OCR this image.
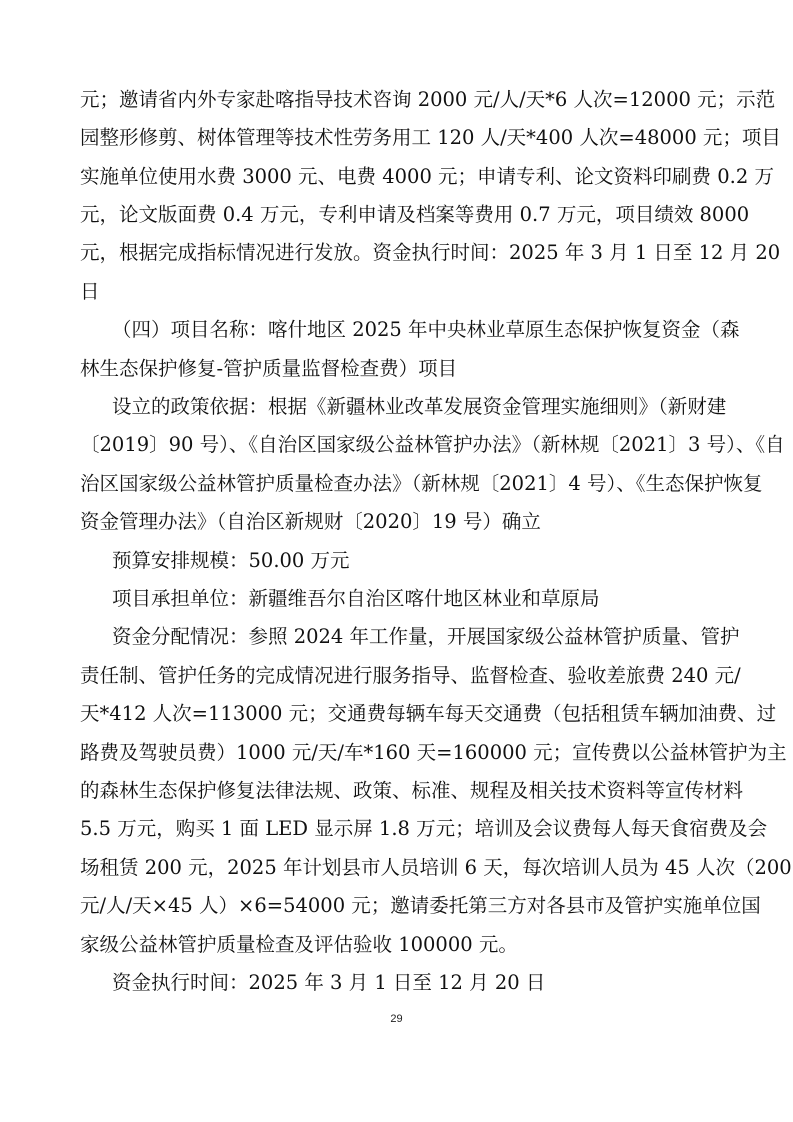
元；邀请省内外专家赴喀指导技术咨询 2000 元/人/天*6 人次=12000 元；示范
园整形修剪、树体管理等技术性劳务用工 120 人/天*400 人次=48000 元；项目
实施单位使用水费 3000 元、电费 4000 元；申请专利、论文资料印刷费 0.2 万
元，论文版面费 0.4 万元，专利申请及档案等费用 0.7 万元，项目绩效 8000
元，根据完成指标情况进行发放。资金执行时间：2025 年 3 月 1 日至 12 月 20
日
（四）项目名称：喀什地区 2025 年中央林业草原生态保护恢复资金（森
林生态保护修复-管护质量监督检查费）项目
设立的政策依据：根据《新疆林业改革发展资金管理实施细则》（新财建
〔2019〕90 号）、《自治区国家级公益林管护办法》（新林规〔2021〕3 号）、《自
治区国家级公益林管护质量检查办法》（新林规〔2021〕4 号）、《生态保护恢复
资金管理办法》（自治区新规财〔2020〕19 号）确立
预算安排规模：50.00 万元
项目承担单位：新疆维吾尔自治区喀什地区林业和草原局
资金分配情况：参照 2024 年工作量，开展国家级公益林管护质量、管护
责任制、管护任务的完成情况进行服务指导、监督检查、验收差旅费 240 元/
天*412 人次=113000 元；交通费每辆车每天交通费（包括租赁车辆加油费、过
路费及驾驶员费）1000 元/天/车*160 天=160000 元；宣传费以公益林管护为主
的森林生态保护修复法律法规、政策、标准、规程及相关技术资料等宣传材料
5.5 万元，购买 1 面 LED 显示屏 1.8 万元；培训及会议费每人每天食宿费及会
场租赁 200 元，2025 年计划县市人员培训 6 天，每次培训人员为 45 人次（200
元/人/天×45 人）×6=54000 元；邀请委托第三方对各县市及管护实施单位国
家级公益林管护质量检查及评估验收 100000 元。
资金执行时间：2025 年 3 月 1 日至 12 月 20 日
29
